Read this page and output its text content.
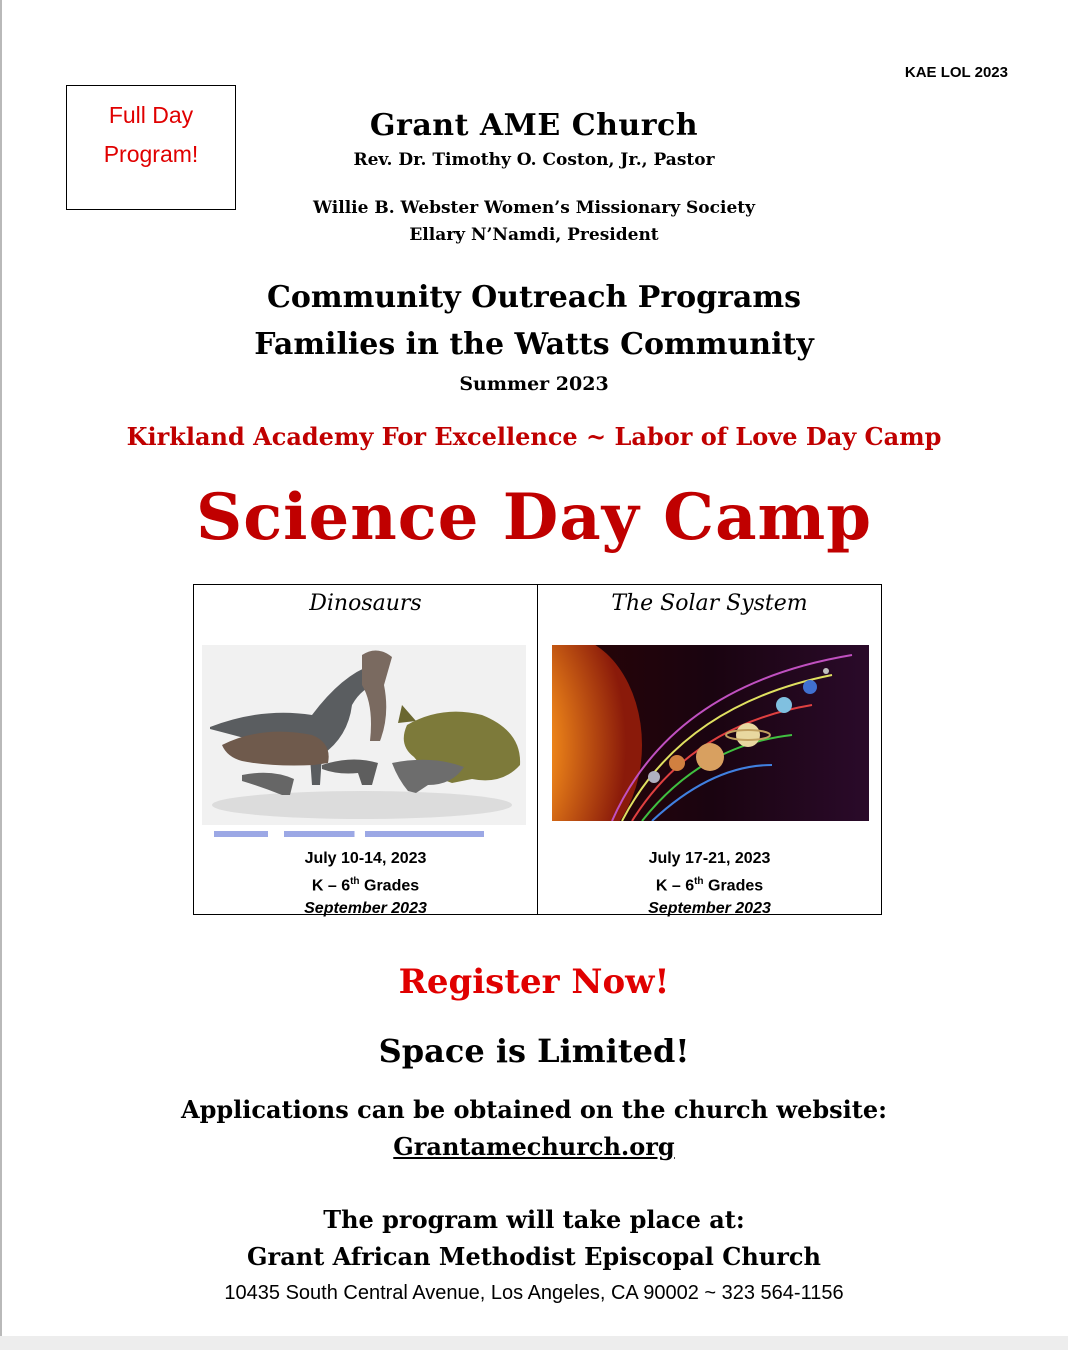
KAE LOL 2023
Full Day
Program!
Grant AME Church
Rev. Dr. Timothy O. Coston, Jr., Pastor
Willie B. Webster Women’s Missionary Society
Ellary N’Namdi, President
Community Outreach Programs
Families in the Watts Community
Summer 2023
Kirkland Academy For Excellence ~ Labor of Love Day Camp
Science Day Camp
Dinosaurs
July 10-14, 2023
K – 6th Grades
September 2023
The Solar System
July 17-21, 2023
K – 6th Grades
September 2023
Register Now!
Space is Limited!
Applications can be obtained on the church website:
Grantamechurch.org
The program will take place at:
Grant African Methodist Episcopal Church
10435 South Central Avenue, Los Angeles, CA 90002 ~ 323 564-1156
